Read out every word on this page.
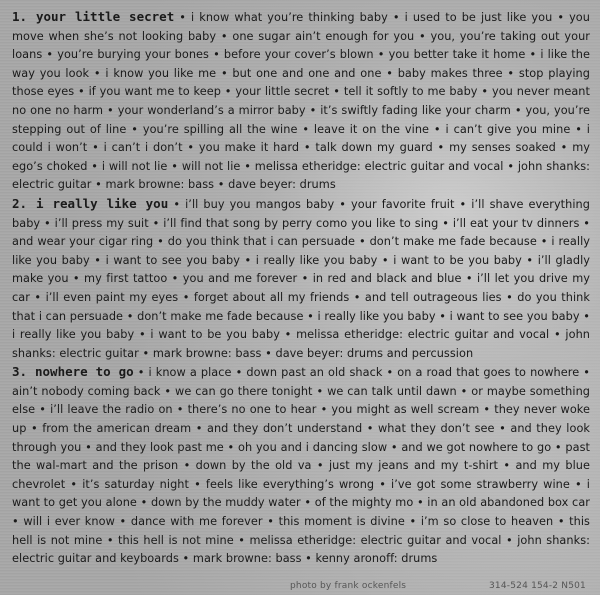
1. your little secret • i know what you’re thinking baby • i used to be just like you • you move when she’s not looking baby • one sugar ain’t enough for you • you, you’re taking out your loans • you’re burying your bones • before your cover’s blown • you better take it home • i like the way you look • i know you like me • but one and one and one • baby makes three • stop playing those eyes • if you want me to keep • your little secret • tell it softly to me baby • you never meant no one no harm • your wonderland’s a mirror baby • it’s swiftly fading like your charm • you, you’re stepping out of line • you’re spilling all the wine • leave it on the vine • i can’t give you mine • i could i won’t • i can’t i don’t • you make it hard • talk down my guard • my senses soaked • my ego’s choked • i will not lie • will not lie • melissa etheridge: electric guitar and vocal • john shanks: electric guitar • mark browne: bass • dave beyer: drums

2. i really like you • i’ll buy you mangos baby • your favorite fruit • i’ll shave everything baby • i’ll press my suit • i’ll find that song by perry como you like to sing • i’ll eat your tv dinners • and wear your cigar ring • do you think that i can persuade • don’t make me fade because • i really like you baby • i want to see you baby • i really like you baby • i want to be you baby • i’ll gladly make you • my first tattoo • you and me forever • in red and black and blue • i’ll let you drive my car • i’ll even paint my eyes • forget about all my friends • and tell outrageous lies • do you think that i can persuade • don’t make me fade because • i really like you baby • i want to see you baby • i really like you baby • i want to be you baby • melissa etheridge: electric guitar and vocal • john shanks: electric guitar • mark browne: bass • dave beyer: drums and percussion

3. nowhere to go • i know a place • down past an old shack • on a road that goes to nowhere • ain’t nobody coming back • we can go there tonight • we can talk until dawn • or maybe something else • i’ll leave the radio on • there’s no one to hear • you might as well scream • they never woke up • from the american dream • and they don’t understand • what they don’t see • and they look through you • and they look past me • oh you and i dancing slow • and we got nowhere to go • past the wal-mart and the prison • down by the old va • just my jeans and my t-shirt • and my blue chevrolet • it’s saturday night • feels like everything’s wrong • i’ve got some strawberry wine • i want to get you alone • down by the muddy water • of the mighty mo • in an old abandoned box car • will i ever know • dance with me forever • this moment is divine • i’m so close to heaven • this hell is not mine • this hell is not mine • melissa etheridge: electric guitar and vocal • john shanks: electric guitar and keyboards • mark browne: bass • kenny aronoff: drums

photo by frank ockenfels	314-524 154-2 N501
